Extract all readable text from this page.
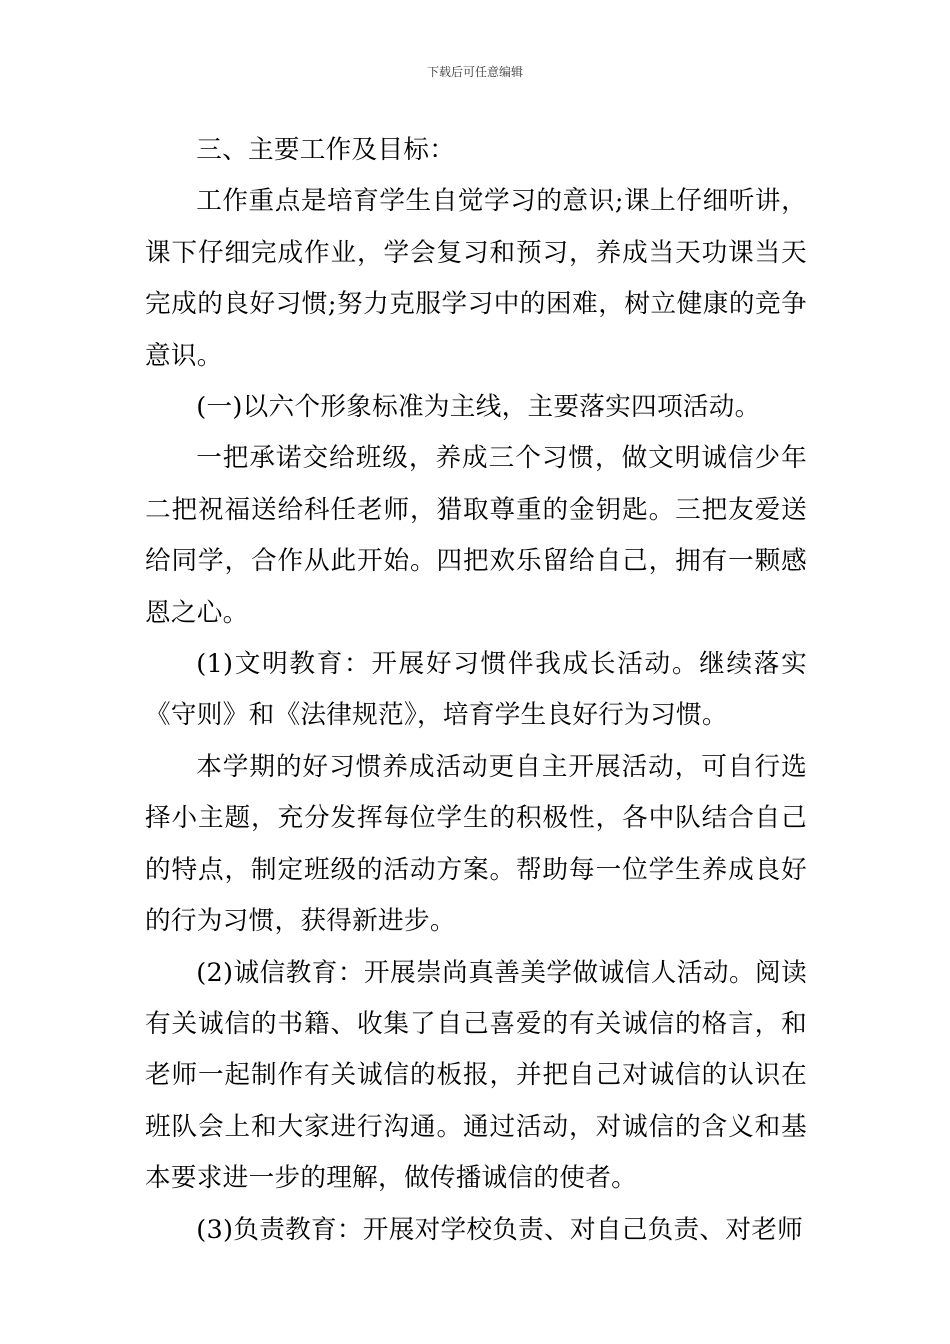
下载后可任意编辑

三、主要工作及目标：

工作重点是培育学生自觉学习的意识;课上仔细听讲，课下仔细完成作业，学会复习和预习，养成当天功课当天完成的良好习惯;努力克服学习中的困难，树立健康的竞争意识。

(一)以六个形象标准为主线，主要落实四项活动。

一把承诺交给班级，养成三个习惯，做文明诚信少年二把祝福送给科任老师，猎取尊重的金钥匙。三把友爱送给同学，合作从此开始。四把欢乐留给自己，拥有一颗感恩之心。

(1)文明教育：开展好习惯伴我成长活动。继续落实《守则》和《法律规范》，培育学生良好行为习惯。

本学期的好习惯养成活动更自主开展活动，可自行选择小主题，充分发挥每位学生的积极性，各中队结合自己的特点，制定班级的活动方案。帮助每一位学生养成良好的行为习惯，获得新进步。

(2)诚信教育：开展崇尚真善美学做诚信人活动。阅读有关诚信的书籍、收集了自己喜爱的有关诚信的格言，和老师一起制作有关诚信的板报，并把自己对诚信的认识在班队会上和大家进行沟通。通过活动，对诚信的含义和基本要求进一步的理解，做传播诚信的使者。

(3)负责教育：开展对学校负责、对自己负责、对老师
